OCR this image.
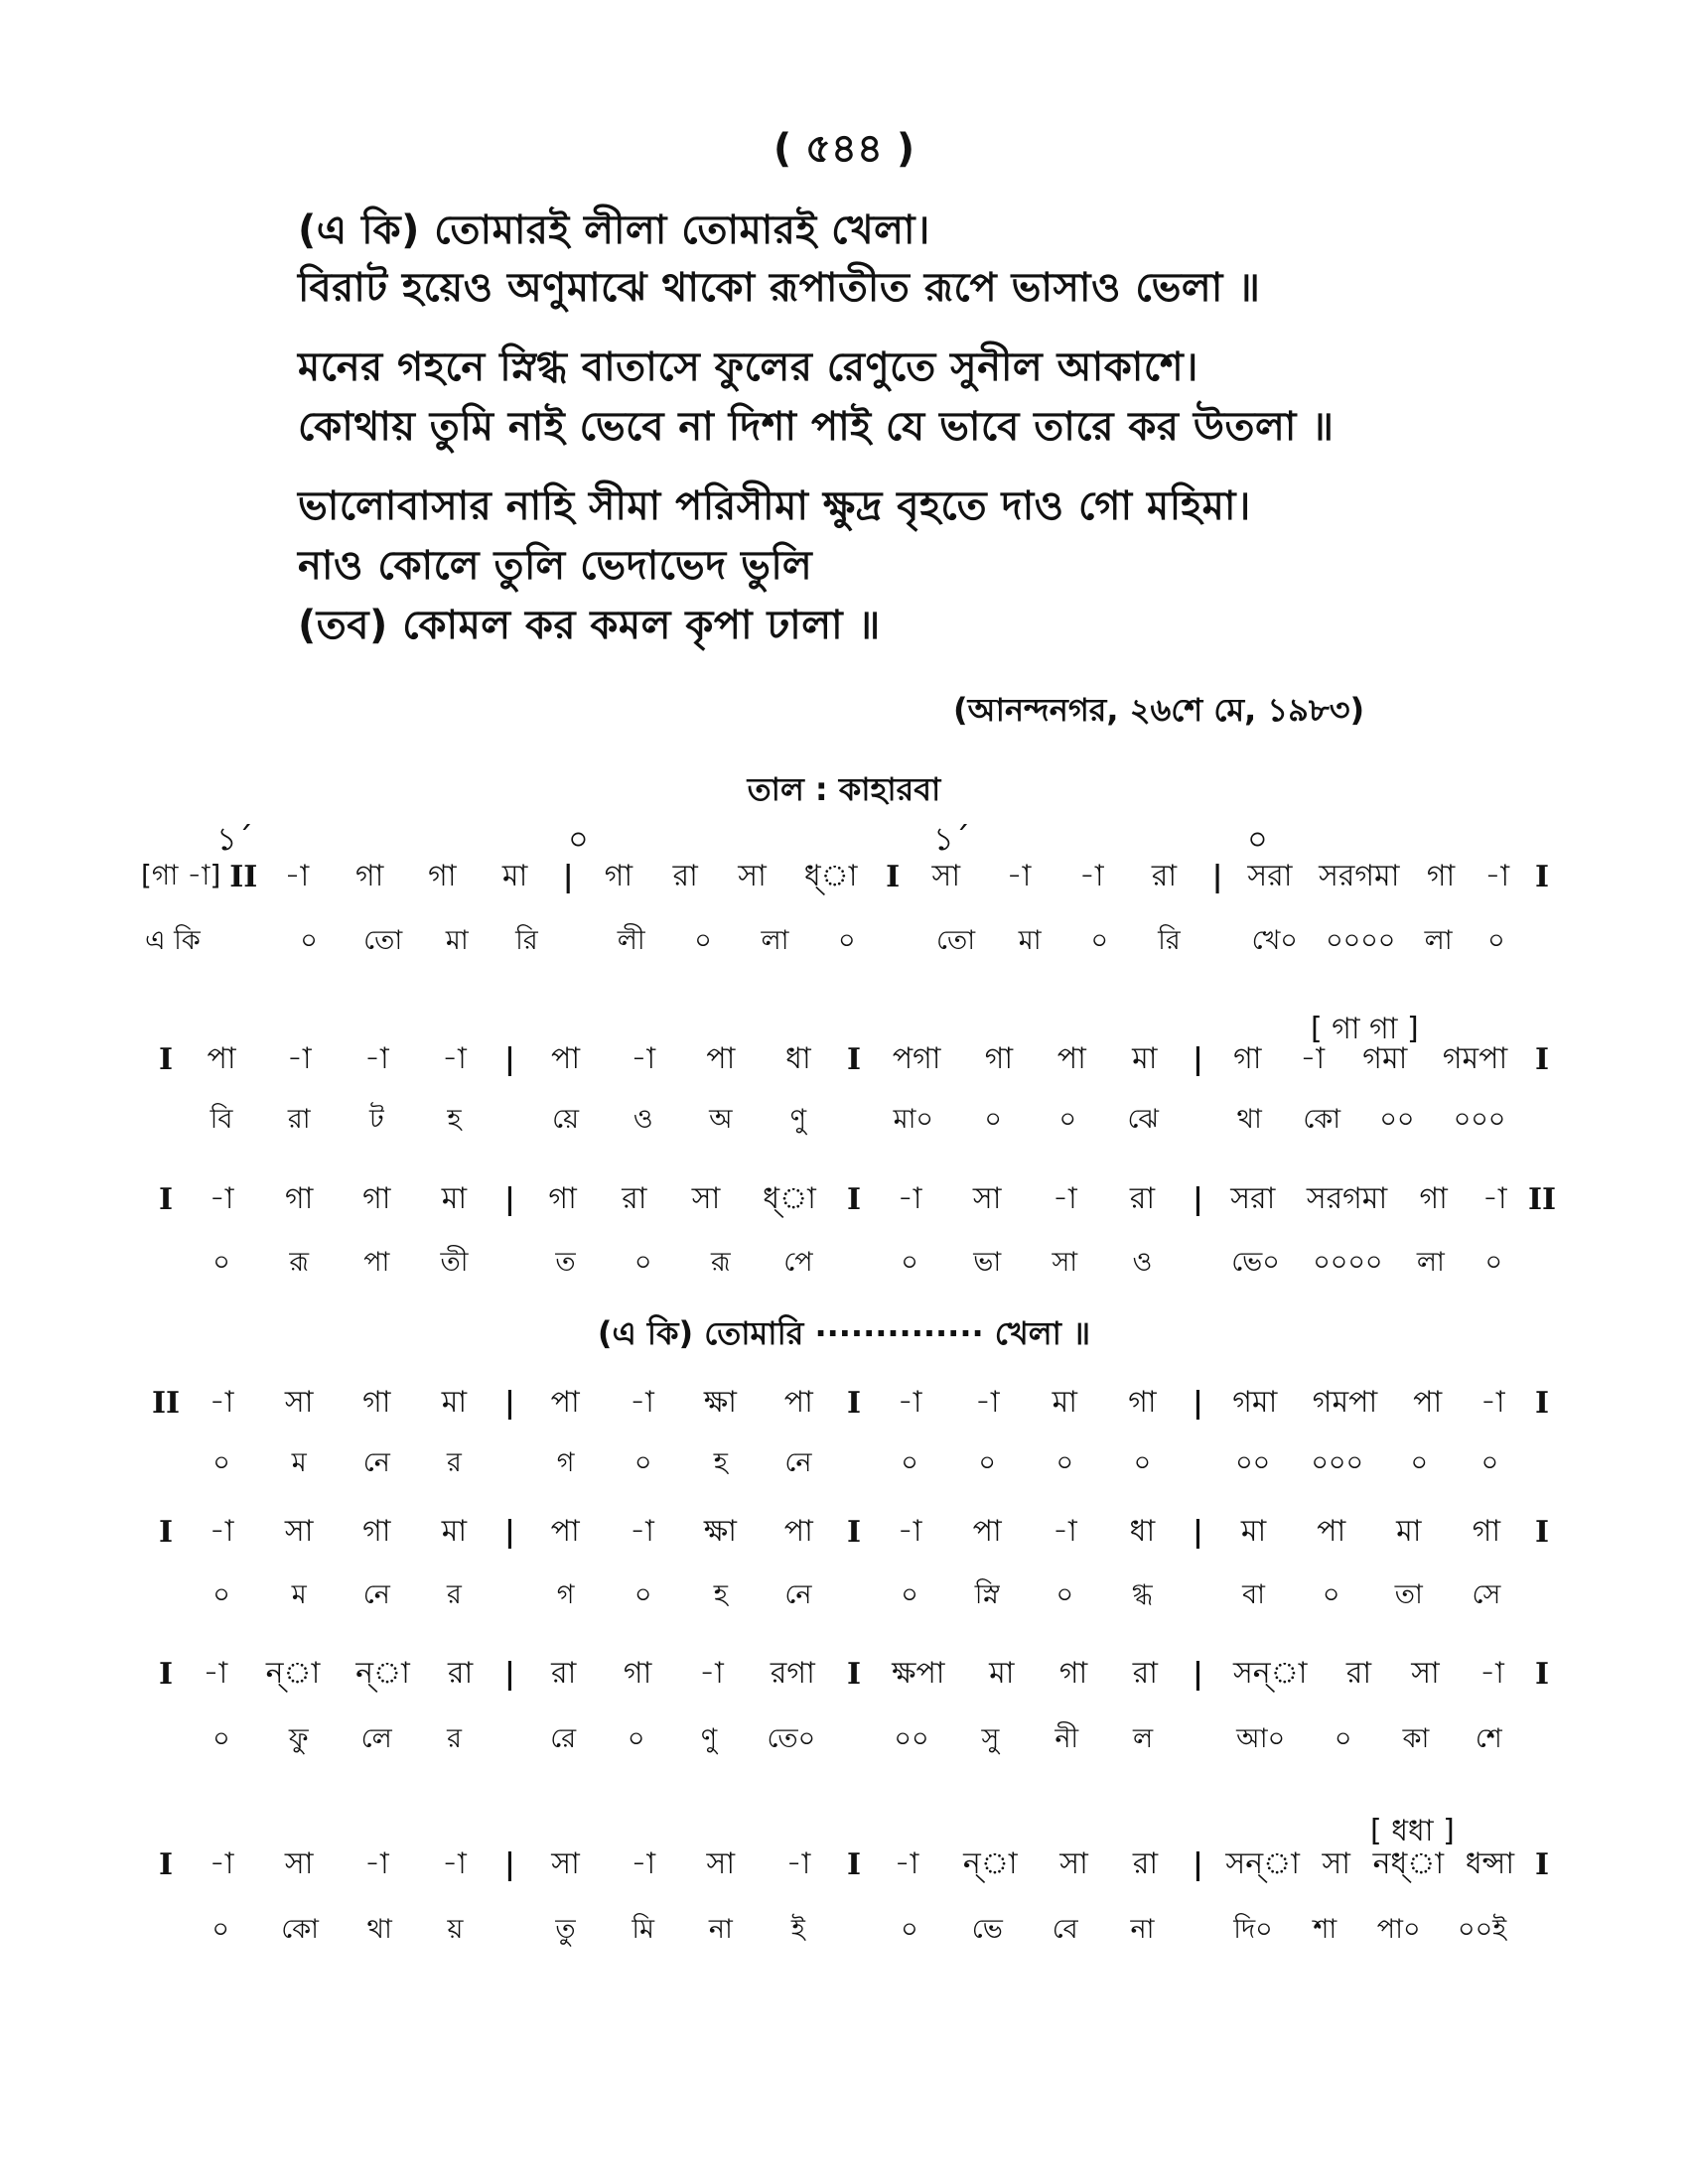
( ৫৪৪ )
(এ কি) তোমারই লীলা তোমারই খেলা।
বিরাট হয়েও অণুমাঝে থাকো রূপাতীত রূপে ভাসাও ভেলা ॥
মনের গহনে স্নিগ্ধ বাতাসে ফুলের রেণুতে সুনীল আকাশে।
কোথায় তুমি নাই ভেবে না দিশা পাই যে ভাবে তারে কর উতলা ॥
ভালোবাসার নাহি সীমা পরিসীমা ক্ষুদ্র বৃহতে দাও গো মহিমা।
নাও কোলে তুলি ভেদাভেদ ভুলি
(তব) কোমল কর কমল কৃপা ঢালা ॥
(আনন্দনগর, ২৬শে মে, ১৯৮৩)
তাল : কাহারবা
১´	০	১´	০
[গা -া] II -া গা গা মা	|	গা রা সা ধ্া I	সা -া -া রা	| সরা সরগমা গা -া I
এ কি	০ তো মা রি	লী ০ লা ০	তো মা ০ রি	খে০ ০০০০ লা ০
[ গা গা ]
I	পা -া -া -া	|	পা -া পা ধা	I	পগা গা পা মা	|	গা -া গমা গমপা I
বি রা ট হ	য়ে ও অ ণু	মা০ ০ ০ ঝে	থা কো ০০ ০০০
I	-া গা গা মা	|	গা রা সা ধ্া	I	-া সা -া রা	| সরা সরগমা গা -া II
০ রূ পা তী	ত ০ রূ পে	০ ভা সা ও	ভে০ ০০০০ লা ০
II -া সা গা মা	|	পা -া ক্ষা পা	I	-া -া মা গা	| গমা গমপা পা -া	I
০ ম নে র	গ ০ হ নে	০ ০ ০ ০	০০ ০০০ ০ ০
I	-া সা গা মা	|	পা -া ক্ষা পা	I	-া পা -া ধা	|	মা পা মা গা	I
০ ম নে র	গ ০ হ নে	০ স্নি ০ গ্ধ	বা ০ তা সে
I	-া ন্া ন্া রা	|	রা গা -া রগা	I	ক্ষপা মা গা রা	|	সন্া রা সা -া	I
০ ফু লে র	রে ০ ণু তে০	০০ সু নী ল	আ০ ০ কা শে
[ ধধা ]
I	-া সা -া -া	|	সা -া সা -া	I	-া ন্া সা রা	| সন্া সা নধ্া ধন্সা I
০ কো থা য়	তু মি না ই	০ ভে বে না	দি০ শা পা০ ০০ই
(এ কি) তোমারি ·············· খেলা ॥
